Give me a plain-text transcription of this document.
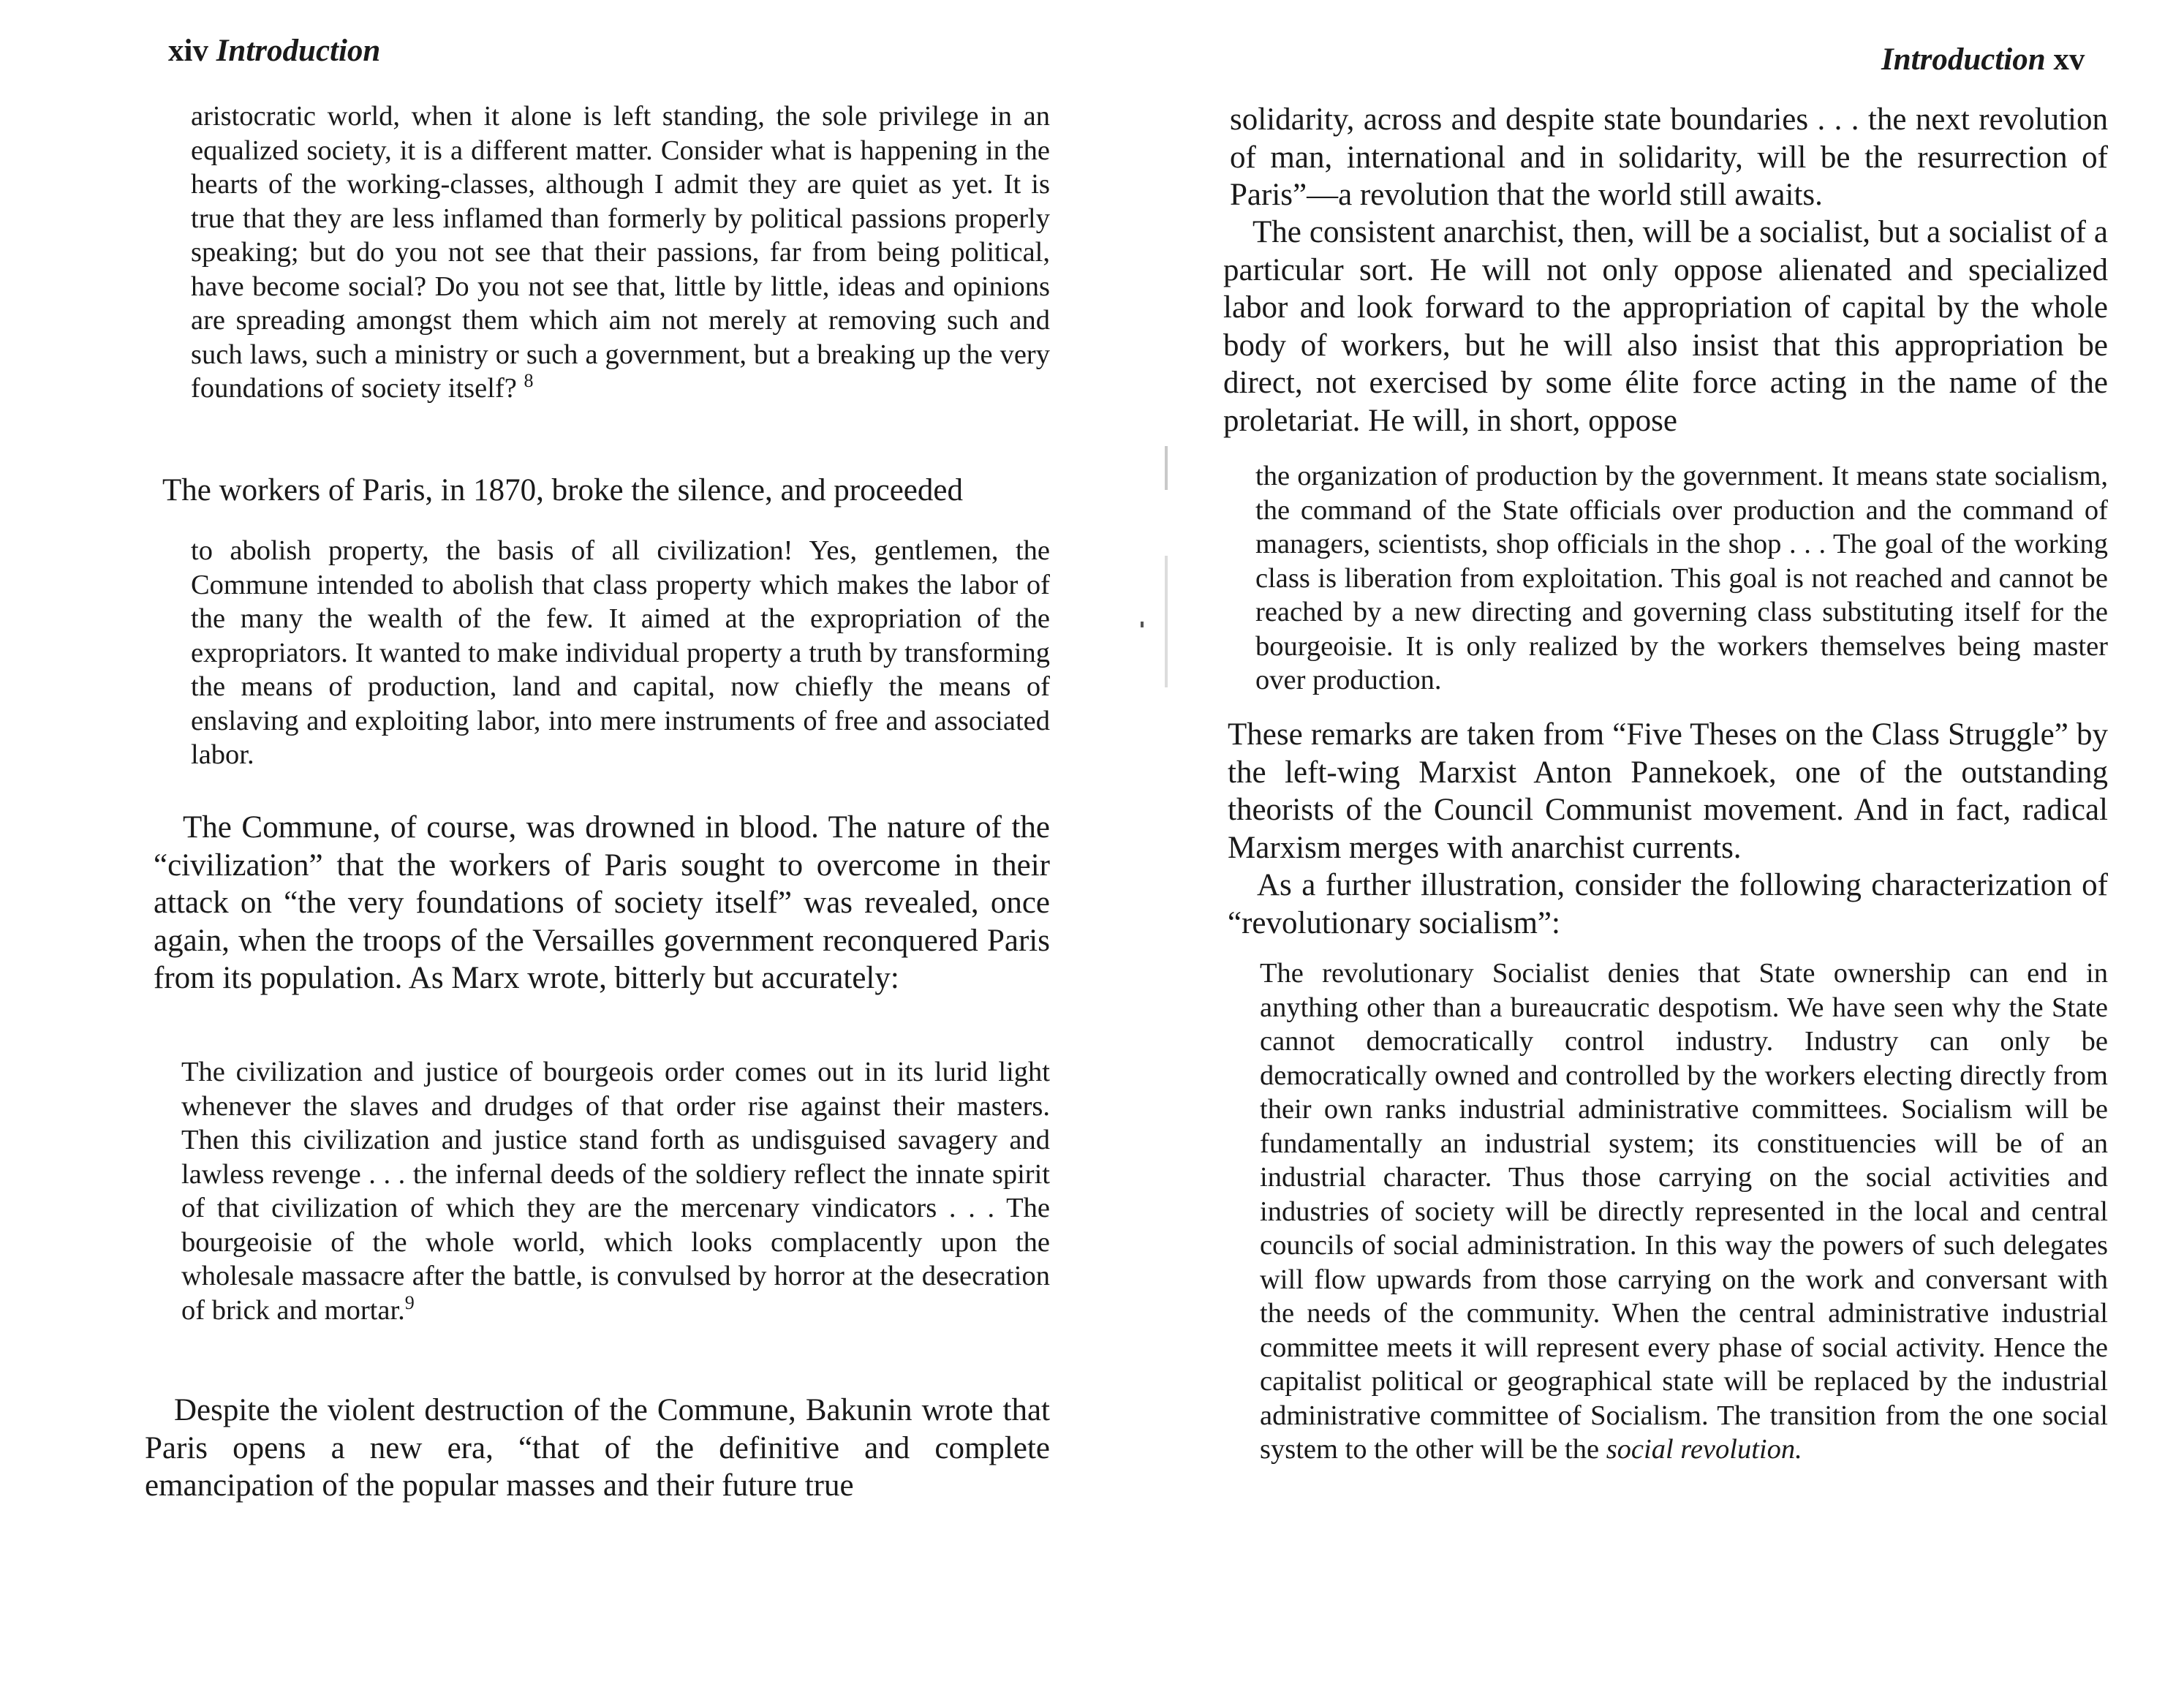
xiv Introduction

aristocratic world, when it alone is left standing, the sole privilege in an equalized society, it is a different matter. Consider what is happening in the hearts of the working-classes, although I admit they are quiet as yet. It is true that they are less inflamed than formerly by political passions properly speaking; but do you not see that their passions, far from being political, have become social? Do you not see that, little by little, ideas and opinions are spreading amongst them which aim not merely at removing such and such laws, such a ministry or such a government, but a breaking up the very foundations of society itself? $^8$

The workers of Paris, in 1870, broke the silence, and proceeded

to abolish property, the basis of all civilization! Yes, gentlemen, the Commune intended to abolish that class property which makes the labor of the many the wealth of the few. It aimed at the expropriation of the expropriators. It wanted to make individual property a truth by transforming the means of production, land and capital, now chiefly the means of enslaving and exploiting labor, into mere instruments of free and associated labor.

The Commune, of course, was drowned in blood. The nature of the “civilization” that the workers of Paris sought to overcome in their attack on “the very foundations of society itself” was revealed, once again, when the troops of the Versailles government reconquered Paris from its population. As Marx wrote, bitterly but accurately:

The civilization and justice of bourgeois order comes out in its lurid light whenever the slaves and drudges of that order rise against their masters. Then this civilization and justice stand forth as undisguised savagery and lawless revenge . . . the infernal deeds of the soldiery reflect the innate spirit of that civilization of which they are the mercenary vindicators . . . The bourgeoisie of the whole world, which looks complacently upon the wholesale massacre after the battle, is convulsed by horror at the desecration of brick and mortar.$^9$

Despite the violent destruction of the Commune, Bakunin wrote that Paris opens a new era, “that of the definitive and complete emancipation of the popular masses and their future true

Introduction xv

solidarity, across and despite state boundaries . . . the next revolution of man, international and in solidarity, will be the resurrection of Paris”—a revolution that the world still awaits.

The consistent anarchist, then, will be a socialist, but a socialist of a particular sort. He will not only oppose alienated and specialized labor and look forward to the appropriation of capital by the whole body of workers, but he will also insist that this appropriation be direct, not exercised by some élite force acting in the name of the proletariat. He will, in short, oppose

the organization of production by the government. It means state socialism, the command of the State officials over production and the command of managers, scientists, shop officials in the shop . . . The goal of the working class is liberation from exploitation. This goal is not reached and cannot be reached by a new directing and governing class substituting itself for the bourgeoisie. It is only realized by the workers themselves being master over production.

These remarks are taken from “Five Theses on the Class Struggle” by the left-wing Marxist Anton Pannekoek, one of the outstanding theorists of the Council Communist movement. And in fact, radical Marxism merges with anarchist currents.

As a further illustration, consider the following characterization of “revolutionary socialism”:

The revolutionary Socialist denies that State ownership can end in anything other than a bureaucratic despotism. We have seen why the State cannot democratically control industry. Industry can only be democratically owned and controlled by the workers electing directly from their own ranks industrial administrative committees. Socialism will be fundamentally an industrial system; its constituencies will be of an industrial character. Thus those carrying on the social activities and industries of society will be directly represented in the local and central councils of social administration. In this way the powers of such delegates will flow upwards from those carrying on the work and conversant with the needs of the community. When the central administrative industrial committee meets it will represent every phase of social activity. Hence the capitalist political or geographical state will be replaced by the industrial administrative committee of Socialism. The transition from the one social system to the other will be the social revolution.
